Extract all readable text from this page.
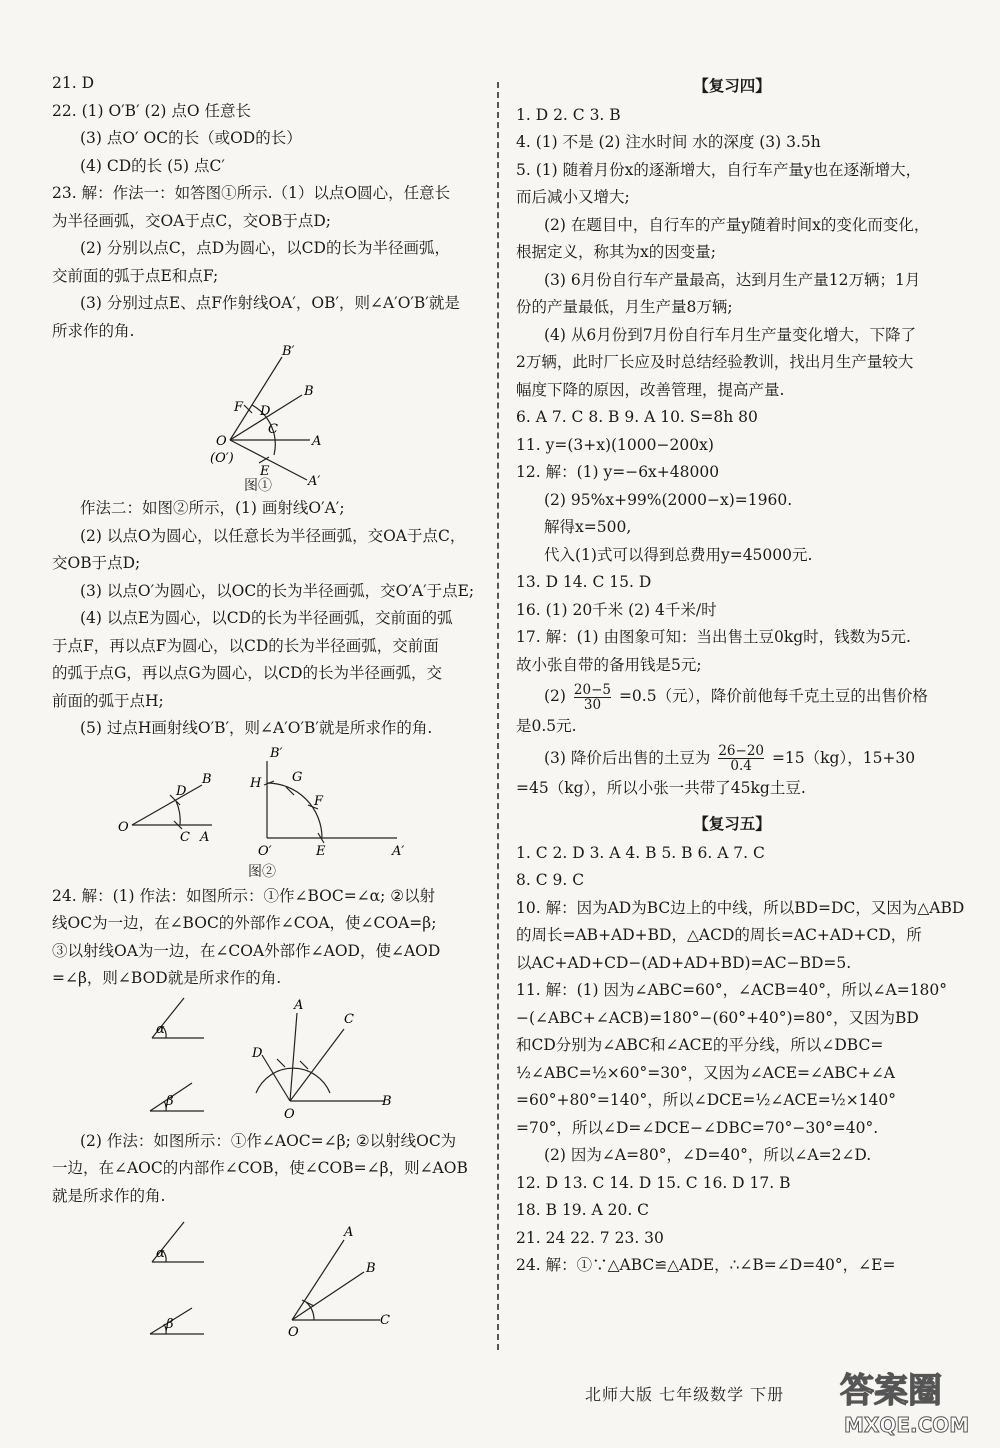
21. D
22. (1) O′B′ (2) 点O 任意长
(3) 点O′ OC的长（或OD的长）
(4) CD的长 (5) 点C′
23. 解：作法一：如答图①所示.（1）以点O圆心，任意长
为半径画弧，交OA于点C，交OB于点D;
(2) 分别以点C，点D为圆心，以CD的长为半径画弧，
交前面的弧于点E和点F;
(3) 分别过点E、点F作射线OA′，OB′，则∠A′O′B′就是
所求作的角.
B′
B
F D
C
O
(O′)
A
E
A′
图①
作法二：如图②所示，(1) 画射线O′A′;
(2) 以点O为圆心，以任意长为半径画弧，交OA于点C，
交OB于点D;
(3) 以点O′为圆心，以OC的长为半径画弧，交O′A′于点E;
(4) 以点E为圆心，以CD的长为半径画弧，交前面的弧
于点F，再以点F为圆心，以CD的长为半径画弧，交前面
的弧于点G，再以点G为圆心，以CD的长为半径画弧，交
前面的弧于点H;
(5) 过点H画射线O′B′，则∠A′O′B′就是所求作的角.
D
B
O
C A
B′
H G
F
O′	E	A′
图②
24. 解：(1) 作法：如图所示：①作∠BOC=∠α; ②以射
线OC为一边，在∠BOC的外部作∠COA，使∠COA=β;
③以射线OA为一边，在∠COA外部作∠AOD，使∠AOD
=∠β，则∠BOD就是所求作的角.
α
β
A
C
D
O
B
(2) 作法：如图所示：①作∠AOC=∠β; ②以射线OC为
一边，在∠AOC的内部作∠COB，使∠COB=∠β，则∠AOB
就是所求作的角.
α
β
A
B
O
C
【复习四】
1. D 2. C 3. B
4. (1) 不是 (2) 注水时间 水的深度 (3) 3.5h
5. (1) 随着月份x的逐渐增大，自行车产量y也在逐渐增大，
而后减小又增大;
(2) 在题目中，自行车的产量y随着时间x的变化而变化，
根据定义，称其为x的因变量;
(3) 6月份自行车产量最高，达到月生产量12万辆；1月
份的产量最低，月生产量8万辆;
(4) 从6月份到7月份自行车月生产量变化增大，下降了
2万辆，此时厂长应及时总结经验教训，找出月生产量较大
幅度下降的原因，改善管理，提高产量.
6. A 7. C 8. B 9. A 10. S=8h 80
11. y=(3+x)(1000−200x)
12. 解：(1) y=−6x+48000
(2) 95%x+99%(2000−x)=1960.
解得x=500,
代入(1)式可以得到总费用y=45000元.
13. D 14. C 15. D
16. (1) 20千米 (2) 4千米/时
17. 解：(1) 由图象可知：当出售土豆0kg时，钱数为5元.
故小张自带的备用钱是5元;
$(2) \frac{20-5}{30} =0.5$（元），降价前他每千克土豆的出售价格
是0.5元.
(3) 降价后出售的土豆为 $\frac{26-20}{0.4} =15(kg)$，15+30
=45（kg），所以小张一共带了45kg土豆.
【复习五】
1. C 2. D 3. A 4. B 5. B 6. A 7. C
8. C 9. C
10. 解：因为AD为BC边上的中线，所以BD=DC，又因为△ABD
的周长=AB+AD+BD，△ACD的周长=AC+AD+CD，所
以AC+AD+CD−(AD+AD+BD)=AC−BD=5.
11. 解：(1) 因为∠ABC=60°，∠ACB=40°，所以∠A=180°
−(∠ABC+∠ACB)=180°−(60°+40°)=80°，又因为BD
和CD分别为∠ABC和∠ACE的平分线，所以∠DBC=
½∠ABC=½×60°=30°，又因为∠ACE=∠ABC+∠A
=60°+80°=140°，所以∠DCE=½∠ACE=½×140°
=70°，所以∠D=∠DCE−∠DBC=70°−30°=40°.
(2) 因为∠A=80°，∠D=40°，所以∠A=2∠D.
12. D 13. C 14. D 15. C 16. D 17. B
18. B 19. A 20. C
21. 24 22. 7 23. 30
24. 解：①∵△ABC≌△ADE，∴∠B=∠D=40°，∠E=
北师大版 七年级数学 下册 答案圈
MXQE.COM
